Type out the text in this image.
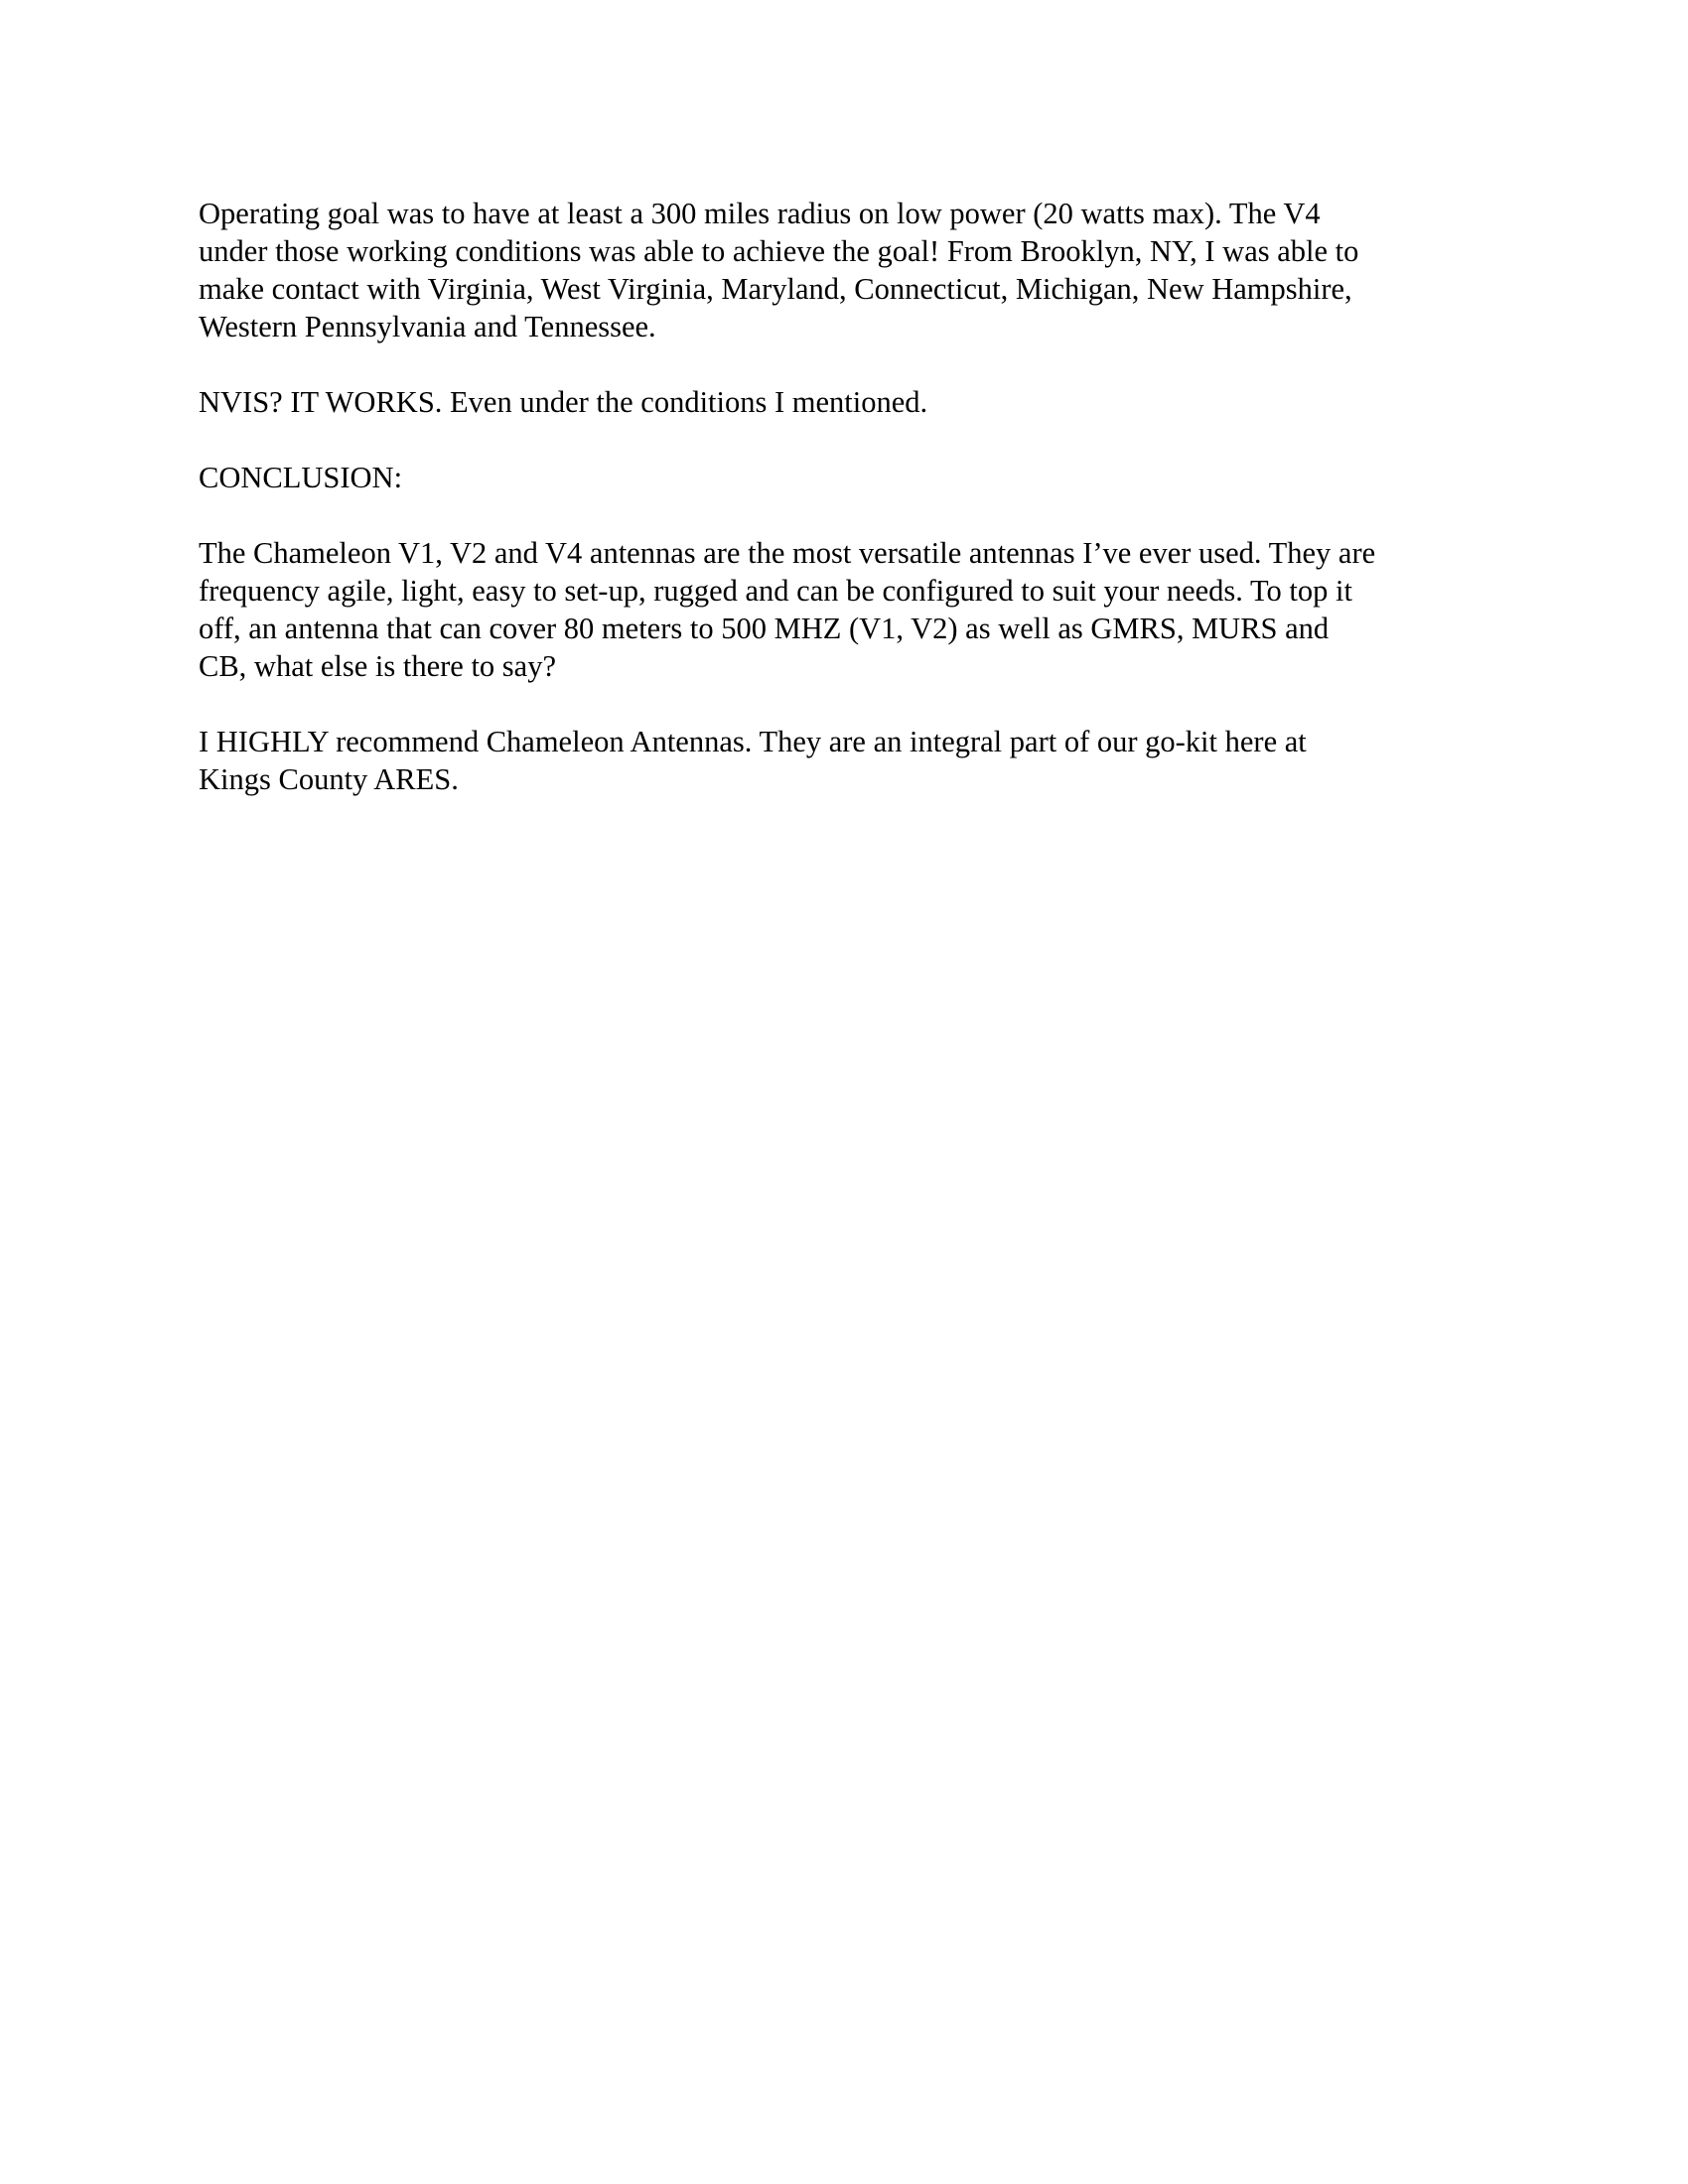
Operating goal was to have at least a 300 miles radius on low power (20 watts max). The V4
under those working conditions was able to achieve the goal! From Brooklyn, NY, I was able to
make contact with Virginia, West Virginia, Maryland, Connecticut, Michigan, New Hampshire,
Western Pennsylvania and Tennessee.

NVIS? IT WORKS. Even under the conditions I mentioned.

CONCLUSION:

The Chameleon V1, V2 and V4 antennas are the most versatile antennas I’ve ever used. They are
frequency agile, light, easy to set-up, rugged and can be configured to suit your needs. To top it
off, an antenna that can cover 80 meters to 500 MHZ (V1, V2) as well as GMRS, MURS and
CB, what else is there to say?

I HIGHLY recommend Chameleon Antennas. They are an integral part of our go-kit here at
Kings County ARES.
